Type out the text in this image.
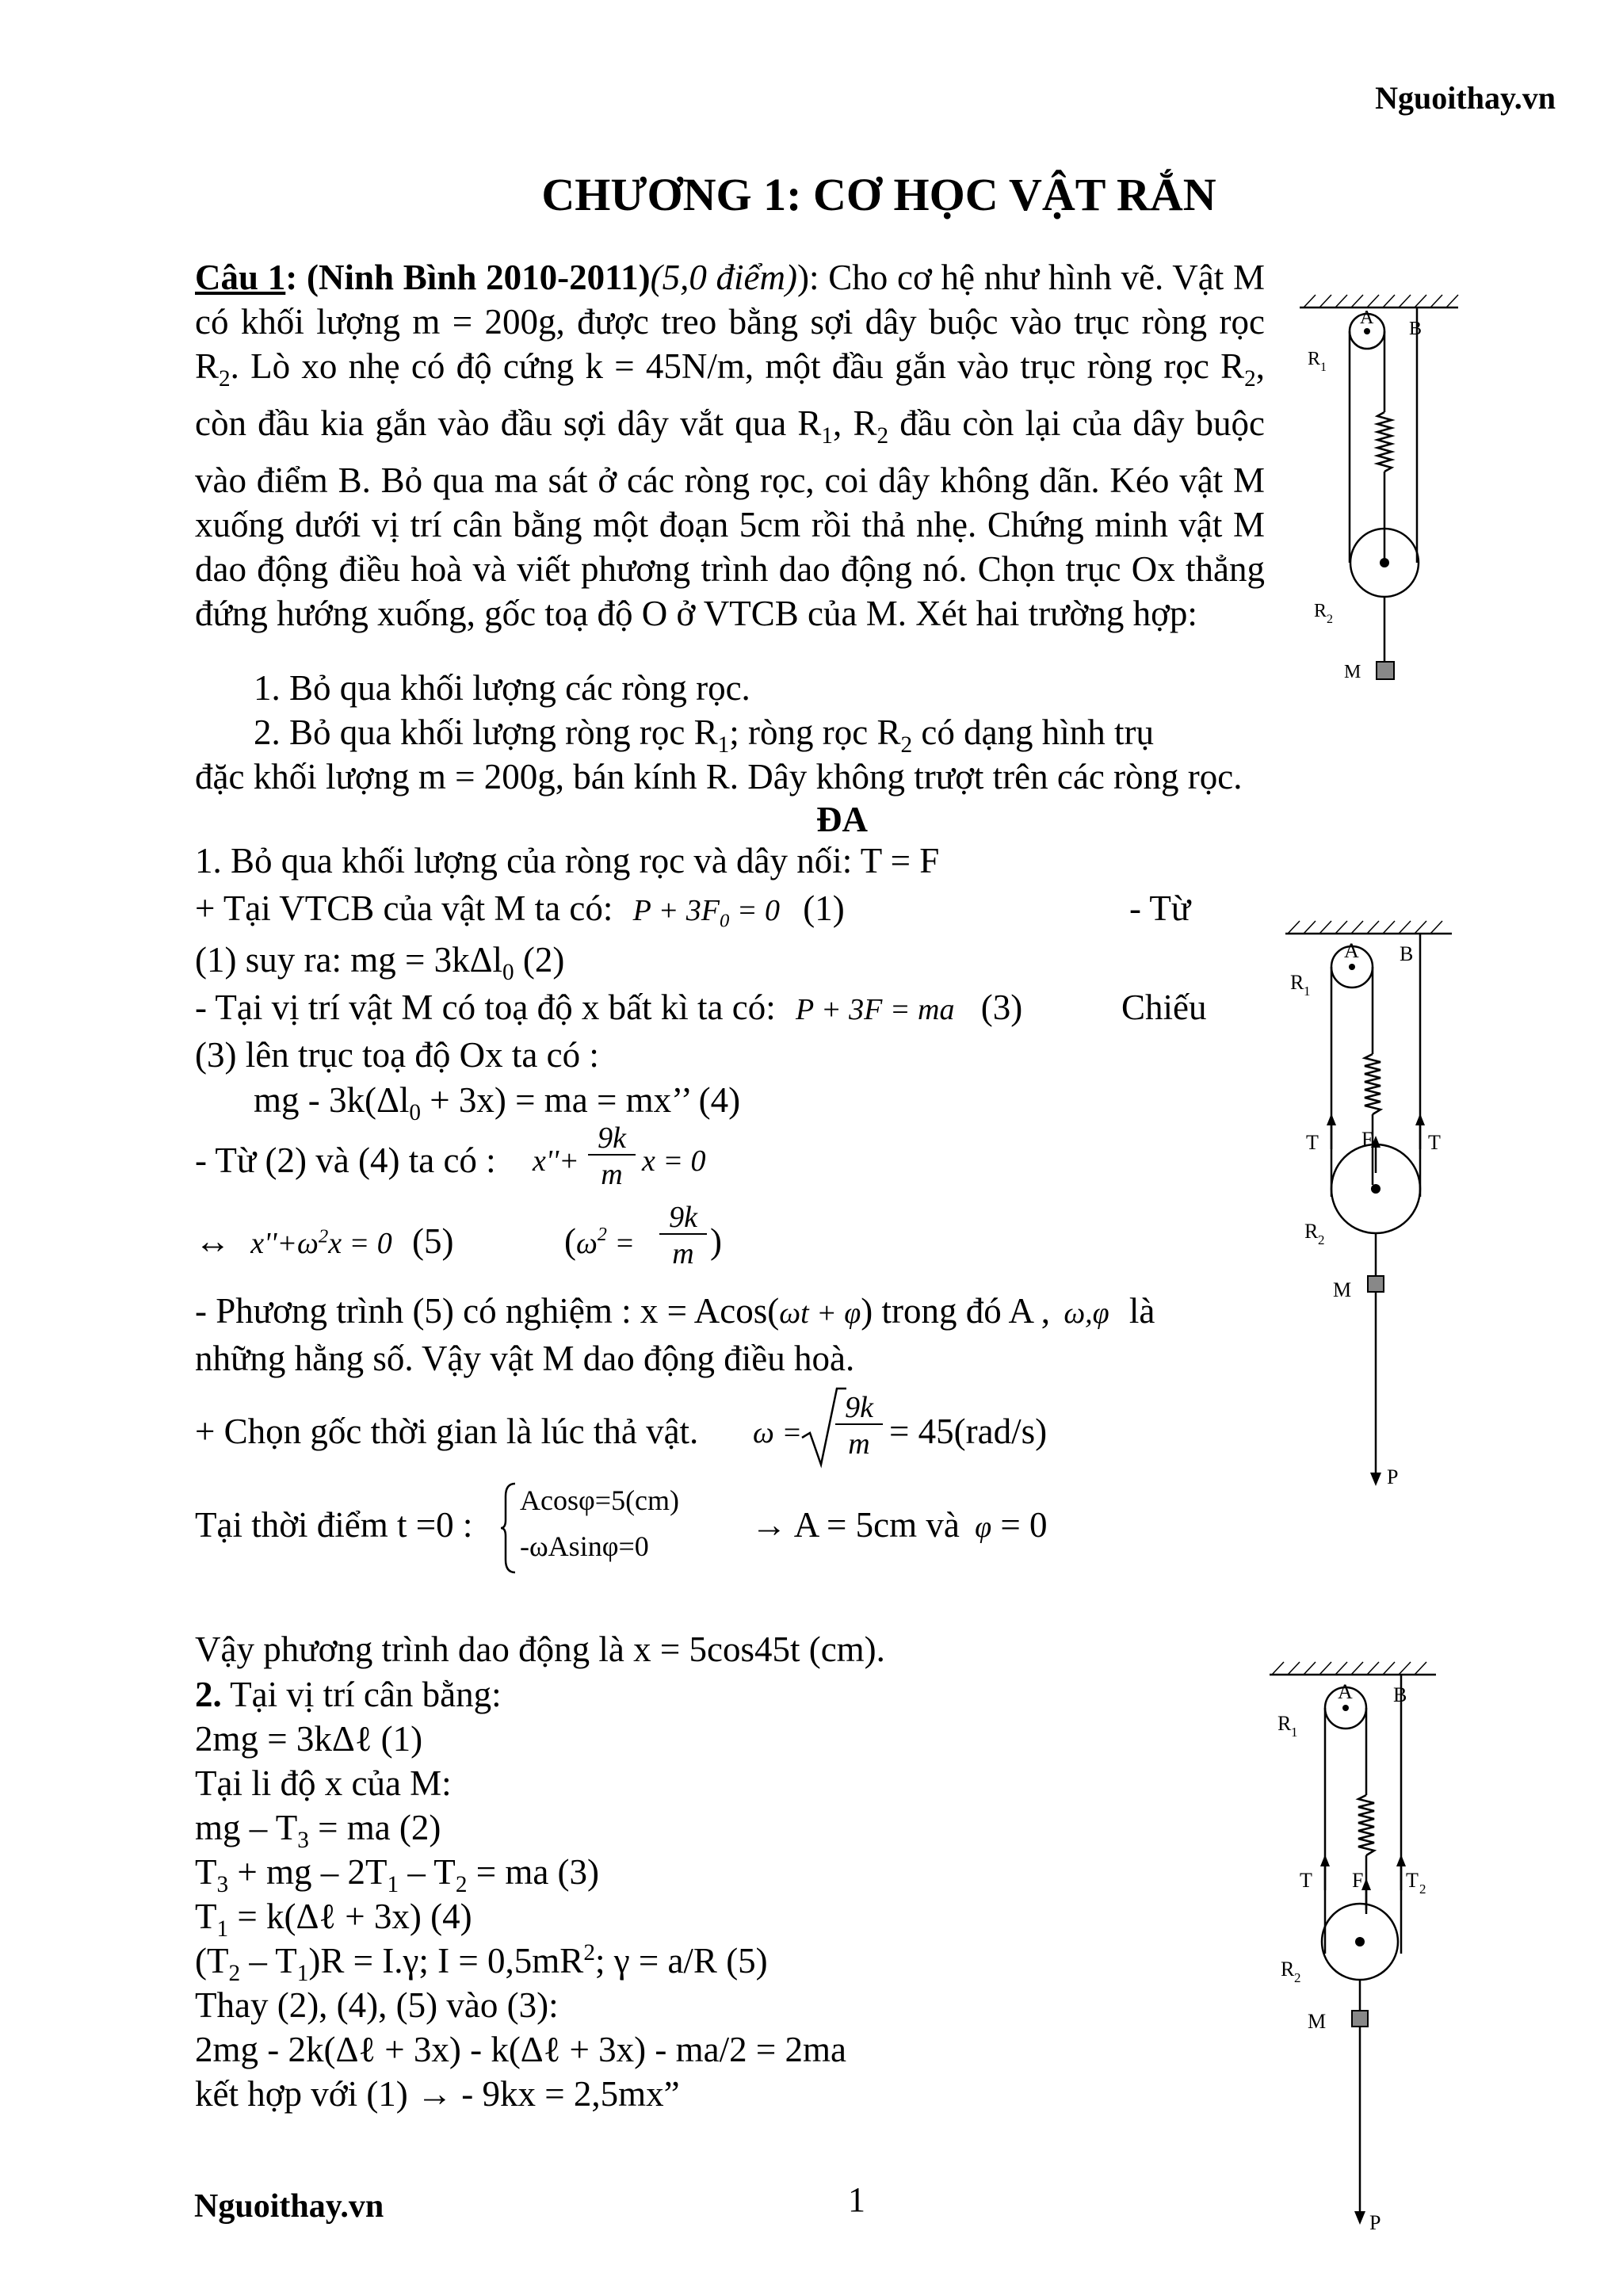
Nguoithay.vn
CHƯƠNG 1: CƠ HỌC VẬT RẮN
Câu 1: (Ninh Bình 2010-2011)(5,0 điểm)): Cho cơ hệ như hình vẽ. Vật M có khối lượng m = 200g, được treo bằng sợi dây buộc vào trục ròng rọc $R_2$. Lò xo nhẹ có độ cứng k = 45N/m, một đầu gắn vào trục ròng rọc $R_2$, còn đầu kia gắn vào đầu sợi dây vắt qua $R_1$, $R_2$ đầu còn lại của dây buộc vào điểm B. Bỏ qua ma sát ở các ròng rọc, coi dây không dãn. Kéo vật M xuống dưới vị trí cân bằng một đoạn 5cm rồi thả nhẹ. Chứng minh vật M dao động điều hoà và viết phương trình dao động nó. Chọn trục Ox thẳng đứng hướng xuống, gốc toạ độ O ở VTCB của M. Xét hai trường hợp:
1. Bỏ qua khối lượng các ròng rọc.
2. Bỏ qua khối lượng ròng rọc $R_1$; ròng rọc $R_2$ có dạng hình trụ
đặc khối lượng m = 200g, bán kính R. Dây không trượt trên các ròng rọc.
ĐA
1. Bỏ qua khối lượng của ròng rọc và dây nối: T = F
+ Tại VTCB của vật M ta có: $P + 3F_0 = 0$ (1)	- Từ
(1) suy ra: mg = 3kΔl$_0$ (2)
- Tại vị trí vật M có toạ độ x bất kì ta có: P + 3F = ma (3)	Chiếu
(3) lên trục toạ độ Ox ta có :
mg - $3k(\Delta l_0 + 3x)$ = ma = mx’’ (4)
- Từ (2) và (4) ta có : x''+
9k
m x = 0
↔ $x''+\omega^2x = 0$ (5)	($\omega^2$ =
9k
m )
- Phương trình (5) có nghiệm : x = Acos(ωt + φ) trong đó A , ω,φ là
những hằng số. Vậy vật M dao động điều hoà.
+ Chọn gốc thời gian là lúc thả vật. ω =
9k
m = 45(rad/s)
Tại thời điểm t =0 :
Acosφ=5(cm)
-ωAsinφ=0
→ A = 5cm và φ = 0
Vậy phương trình dao động là x = 5cos45t (cm).
2. Tại vị trí cân bằng:
2mg = 3kΔℓ (1)
Tại li độ x của M:
mg – $T_3$ = ma (2)
$T_3$ + mg – $2T_1 - T_2$ = ma (3)
$T_1$ = k(Δℓ + 3x) (4)
$(T_2 - T_1)R = I.\gamma$; $I = 0,5mR^2$; γ = a/R (5)
Thay (2), (4), (5) vào (3):
2mg - 2k(Δℓ + 3x) - k(Δℓ + 3x) - ma/2 = 2ma
kết hợp với (1) → - 9kx = 2,5mx”
Nguoithay.vn	1
A
B
R 1
R 2
M
A B
R 1
T F	T
R 2
M
P
A B
R 1
T F T 2
R 2
M
P
